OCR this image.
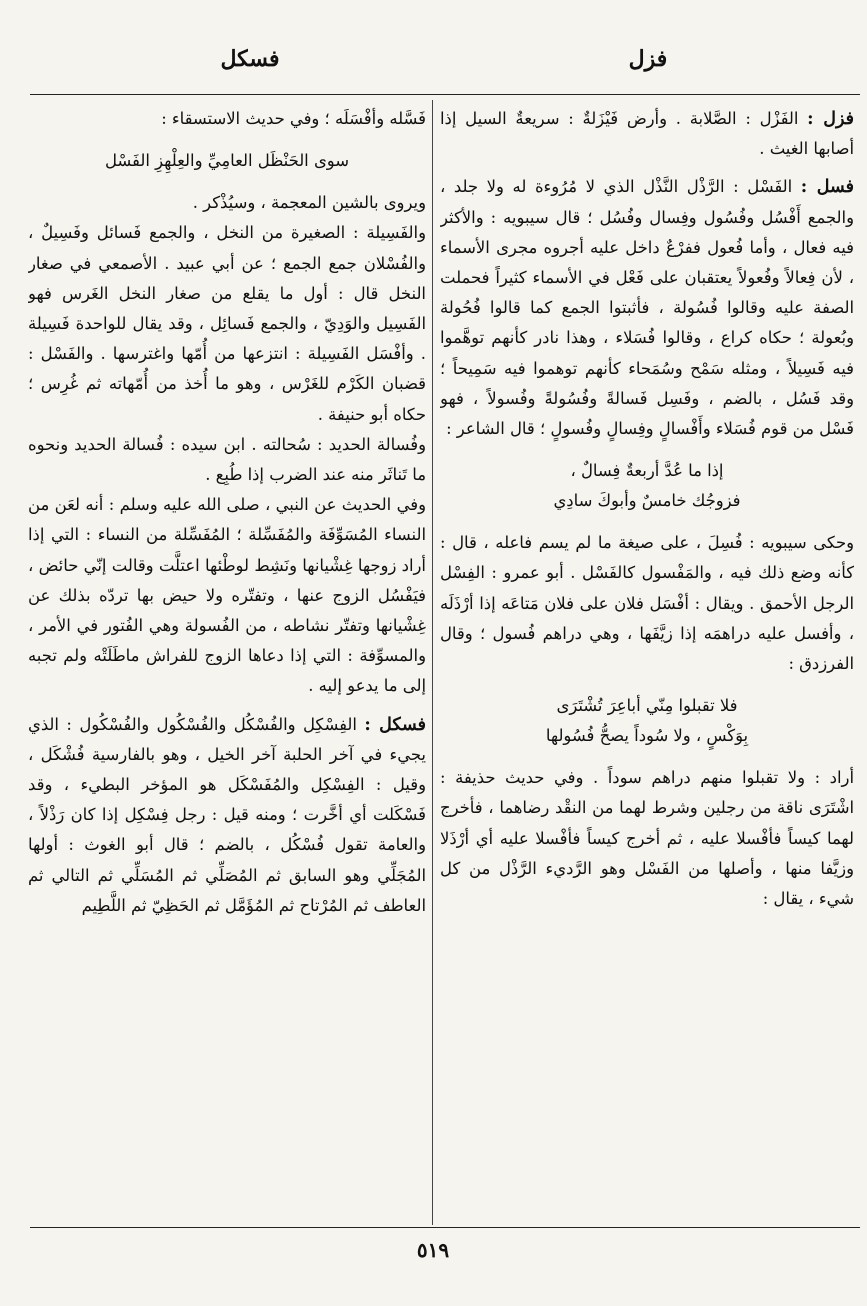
فزل
فسكل

فزل : الفَزْل : الصَّلابة . وأرض فَيْزَلةٌ : سريعةٌ السيل إذا أصابها الغيث .

فسل : الفَسْل : الرَّذْل النَّذْل الذي لا مُرُوءة له ولا جلد ، والجمع أَفْسُل وفُسُول وفِسال وفُسُل ؛ قال سيبويه : والأكثر فيه فعال ، وأما فُعول ففرْعٌ داخل عليه أجروه مجرى الأسماء ، لأن فِعالاً وفُعولاً يعتقبان على فَعْل في الأسماء كثيراً فحملت الصفة عليه وقالوا فُسُولة ، فأثبتوا الجمع كما قالوا فُحُولة وبُعولة ؛ حكاه كراع ، وقالوا فُسَلاء ، وهذا نادر كأنهم توهَّموا فيه فَسِيلاً ، ومثله سَمْح وسُمَحاء كأنهم توهموا فيه سَمِيحاً ؛ وقد فَسُل ، بالضم ، وفَسِل فَسالةً وفُسُولةً وفُسولاً ، فهو فَسْل من قوم فُسَلاء وأَفْسالٍ وفِسالٍ وفُسولٍ ؛ قال الشاعر :

إذا ما عُدَّ أربعةٌ فِسالٌ ،
فزوجُك خامسٌ وأبوكَ سادِي

وحكى سيبويه : فُسِلَ ، على صيغة ما لم يسم فاعله ، قال : كأنه وضع ذلك فيه ، والمَفْسول كالفَسْل . أبو عمرو : الفِسْل الرجل الأحمق . ويقال : أفْسَل فلان على فلان مَتاعَه إذا أرْذَلَه ، وأفسل عليه دراهمَه إذا زيَّفَها ، وهي دراهم فُسول ؛ وقال الفرزدق :

فلا تقبلوا مِنّي أباعِرَ تُشْتَرَى
بِوَكْسٍ ، ولا سُوداً يصحُّ فُسُولها

أراد : ولا تقبلوا منهم دراهم سوداً . وفي حديث حذيفة : اشْتَرَى ناقة من رجلين وشرط لهما من النقْد رضاهما ، فأخرج لهما كيساً فأفْسلا عليه ، ثم أخرج كيساً فأفْسلا عليه أي أرْذَلا وزيَّفا منها ، وأصلها من الفَسْل وهو الرَّديء الرَّذْل من كل شيء ، يقال :

فَسَّله وأفْسَلَه ؛ وفي حديث الاستسقاء :

سوى الحَنْظَل العامِيِّ والعِلْهِزِ الفَسْل

ويروى بالشين المعجمة ، وسيُذْكر .

والفَسِيلة : الصغيرة من النخل ، والجمع فَسائل وفَسِيلٌ ، والفُسْلان جمع الجمع ؛ عن أبي عبيد . الأصمعي في صغار النخل قال : أول ما يقلع من صغار النخل الغَرس فهو الفَسِيل والوَدِيّ ، والجمع فَسائِل ، وقد يقال للواحدة فَسِيلة . وأفْسَل الفَسِيلة : انتزعها من أُمّها واغترسها . والفَسْل : قضبان الكَرْم للغَرْس ، وهو ما أُخذ من أُمّهاته ثم غُرِس ؛ حكاه أبو حنيفة .

وفُسالة الحديد : سُحالته . ابن سيده : فُسالة الحديد ونحوه ما تَناثَر منه عند الضرب إذا طُبِع .

وفي الحديث عن النبي ، صلى الله عليه وسلم : أنه لعَن من النساء المُسَوِّفَة والمُفَسِّلة ؛ المُفَسِّلة من النساء : التي إذا أراد زوجها غِشْيانها ونَشِط لوطْئها اعتلَّت وقالت إنّي حائض ، فيَفْسُل الزوج عنها ، وتفتّره ولا حيض بها تردّه بذلك عن غِشْيانها وتفتّر نشاطه ، من الفُسولة وهي الفُتور في الأمر ، والمسوِّفة : التي إذا دعاها الزوج للفراش ماطَلَتْه ولم تجبه إلى ما يدعو إليه .

فسكل : الفِسْكِل والفُسْكُل والفُسْكُول والفُسْكُول : الذي يجيء في آخر الحلبة آخر الخيل ، وهو بالفارسية فُشْكَل ، وقيل : الفِسْكِل والمُفَسْكَل هو المؤخر البطيء ، وقد فَسْكَلت أي أخَّرت ؛ ومنه قيل : رجل فِسْكِل إذا كان رَذْلاً ، والعامة تقول فُسْكُل ، بالضم ؛ قال أبو الغوث : أولها المُجَلِّي وهو السابق ثم المُصَلِّي ثم المُسَلِّي ثم التالي ثم العاطف ثم المُرْتاح ثم المُؤَمَّل ثم الحَظِيّ ثم اللَّطِيم

٥١٩
